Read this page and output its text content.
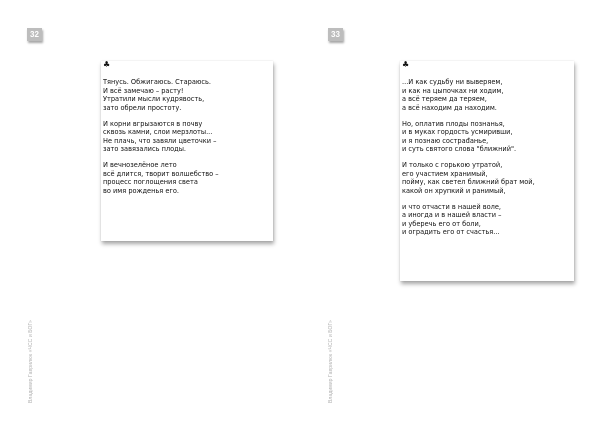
32
♣
Тянусь. Обжигаюсь. Стараюсь.
И всё замечаю – расту!
Утратили мысли кудрявость,
зато обрели простоту.
И корни вгрызаются в почву
сквозь камни, слои мерзлоты...
Не плачь, что завяли цветочки –
зато завязались плоды.
И вечнозелёное лето
всё длится, творит волшебство –
процесс поглощения света
во имя рожденья его.
Владимир Гаврилюк «ЧСС и БОГ»
33
♣
...И как судьбу ни выверяем,
и как на цыпочках ни ходим,
а всё теряем да теряем,
а всё находим да находим.
Но, оплатив плоды познанья,
и в муках гордость усмиривши,
и я познаю сострađанье,
и суть святого слова "ближний".
И только с горькою утратой,
его участием хранимый,
пойму, как светел ближний брат мой,
какой он хрупкий и ранимый,
и что отчасти в нашей воле,
а иногда и в нашей власти –
и уберечь его от боли,
и оградить его от счастья...
Владимир Гаврилюк «ЧСС и БОГ»
